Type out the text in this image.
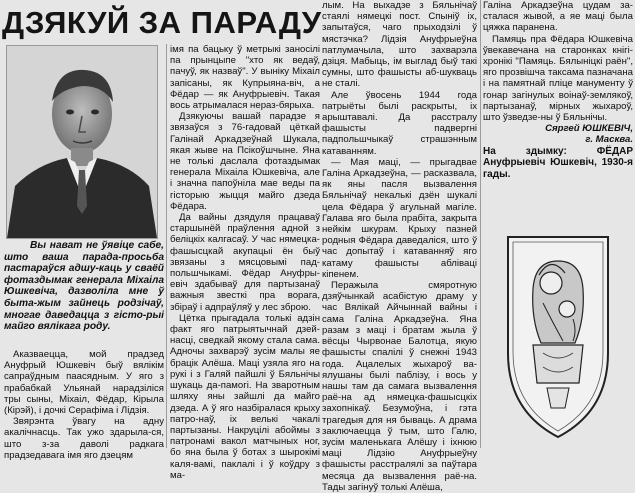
ДЗЯКУЙ ЗА ПАРАДУ
Вы нават не ўявіце сабе, што ваша парада-просьба пастараўся адшу-каць у сваёй фотаздымак генерала Міхаіла Юшкевіча, дазволіла мне ў быта-жым зайнець родзічаў, многае даведацца з гісто-рыі майго вялікага роду.

Аказваецца, мой прадзед Ануфрый Юшкевіч быў вялікім сапраўдным паасядным. У яго з прабабкай Ульянай нарадзіліся тры сыны, Міхаіл, Фёдар, Кірыла (Кірэй), і дочкі Серафіма і Лідзія.

Звярэнта ўвагу на адну акалічнасць. Так ужо здарыла-ся, што з-за даволі радкага прадзедавага імя яго дзецям

імя па бацьку ў метрыкі заносілі па прынцыпе "хто як ведаў, пачуў, як назваў". У вынiку Міхаіл запісаны, як Купрыяна-віч, а Фёдар — як Ануфрыевіч. Такая вось атрымалася нераз-бярыха.

Дзякуючы вашай парадзе я звязаўся з 76-гадовай цёткай Галінай Аркадзеўнай Шукала, якая жыве на Псікоўшчыне. Яна не толькі даслала фотаздымак генерала Міхаіла Юшкевіча, але і значна папоўніла мае веды па гісторыю жыцця майго дзеда Фёдара.

Да вайны дзядуля працаваў старшынёй праўлення адной з беліцкіх калгасаў. У час нямецка-фашысцкай акупацыі ён быў звязаны з мясцовымі пад-польшчыкамі. Фёдар Ануфры-евіч здабываў для партызанаў важныя звесткі пра ворага, збіраў і адпраўляў у лес зброю.

Цётка прыгадала толькі адзін факт яго патрыятычнай дзей-насці, сведкай якому стала сама. Адночы захварэў зусім малы яе брацік Алёша. Маці узяла яго на рукі і з Галяй пайшлі ў Бяльнічы шукаць да-памогі. На зваротным шляху яны зайшлі да майго дзеда. А ў яго назбіралася крыху патро-наў, іх велькі чакалі партызаны. Накруцілі абоймы з патронамі вакол матчыных ног, бо яна была ў ботах з шырокімі каля-вамі, паклалі і ў коўдру з ма-

лым. На выхадзе з Бяльнічаў стаялі нямецкі пост. Спыніў іх, запытаўся, чаго прыходзілі ў мястэчка? Лідзія Ануфрыеўна патлумачыла, што захварэла дзіця. Мабыць, ім выглад быў такі сумны, што фашысты аб-шукваць не сталі.

Але ўвосень 1944 года патрыёты былі раскрыты, іх арыштавалі. Да расстралу фашысты падвергні падпольшчыкаў страшэнным катаванням.

— Мая маці, — прыгадвае Галіна Аркадзеўна, — расказвала, як яны пасля вызвалення Бяльнічаў некалькі дзён шукалі цела Фёдара ў агульнай магіле. Галава яго была прабіта, закрыта нейкім шкурам. Крыху пазней родныя Фёдара даведаліся, што ў час допытаў і катаванняў яго катаму фашысты абліваці кіпенем.

Перажыла смяротную дзяўчынкай асабістую драму у час Вялікай Айчыннай вайны і сама Галіна Аркадзеўна. Яна разам з маці і братам жыла ў вёсцы Чырвонае Балотца, якую фашысты спалілі ў снежні 1943 года. Ацалелых жыхароў ва-ялушаны былі паблізу, і вось у нашы там да самага вызвалення раё-на ад нямецка-фашысцкіх захопнікаў. Безумоўна, і гэта трагедыя для ня бываць. А драма заключаецца ў тым, што Галю, зусім маленькага Алёшу і іхнюю маці Лідзію Ануфрыеўну фашысты расстралялі за паўтара месяца да вызвалення раё-на. Тады загінуў толькі Алёша,

Галіна Аркадзеўна цудам за-сталася жывой, а яе маці была цяжка паранена.

Памяць пра Фёдара Юшкевіча ўвекавечана на старонках кнігі-хронікі "Памяць. Бялыніцкі раён", яго прозвішча таксама пазначана і на памятнай пліце манументу ў гонар загінулых воінаў-землякоў, партызанаў, мірных жыхароў, што ўзведзе-ны ў Бяльнічы.

Сяргей ЮШКЕВІЧ,

г. Масква.

На здымку: ФЁДАР Ануфрыевіч Юшкевіч, 1930-я гады.
